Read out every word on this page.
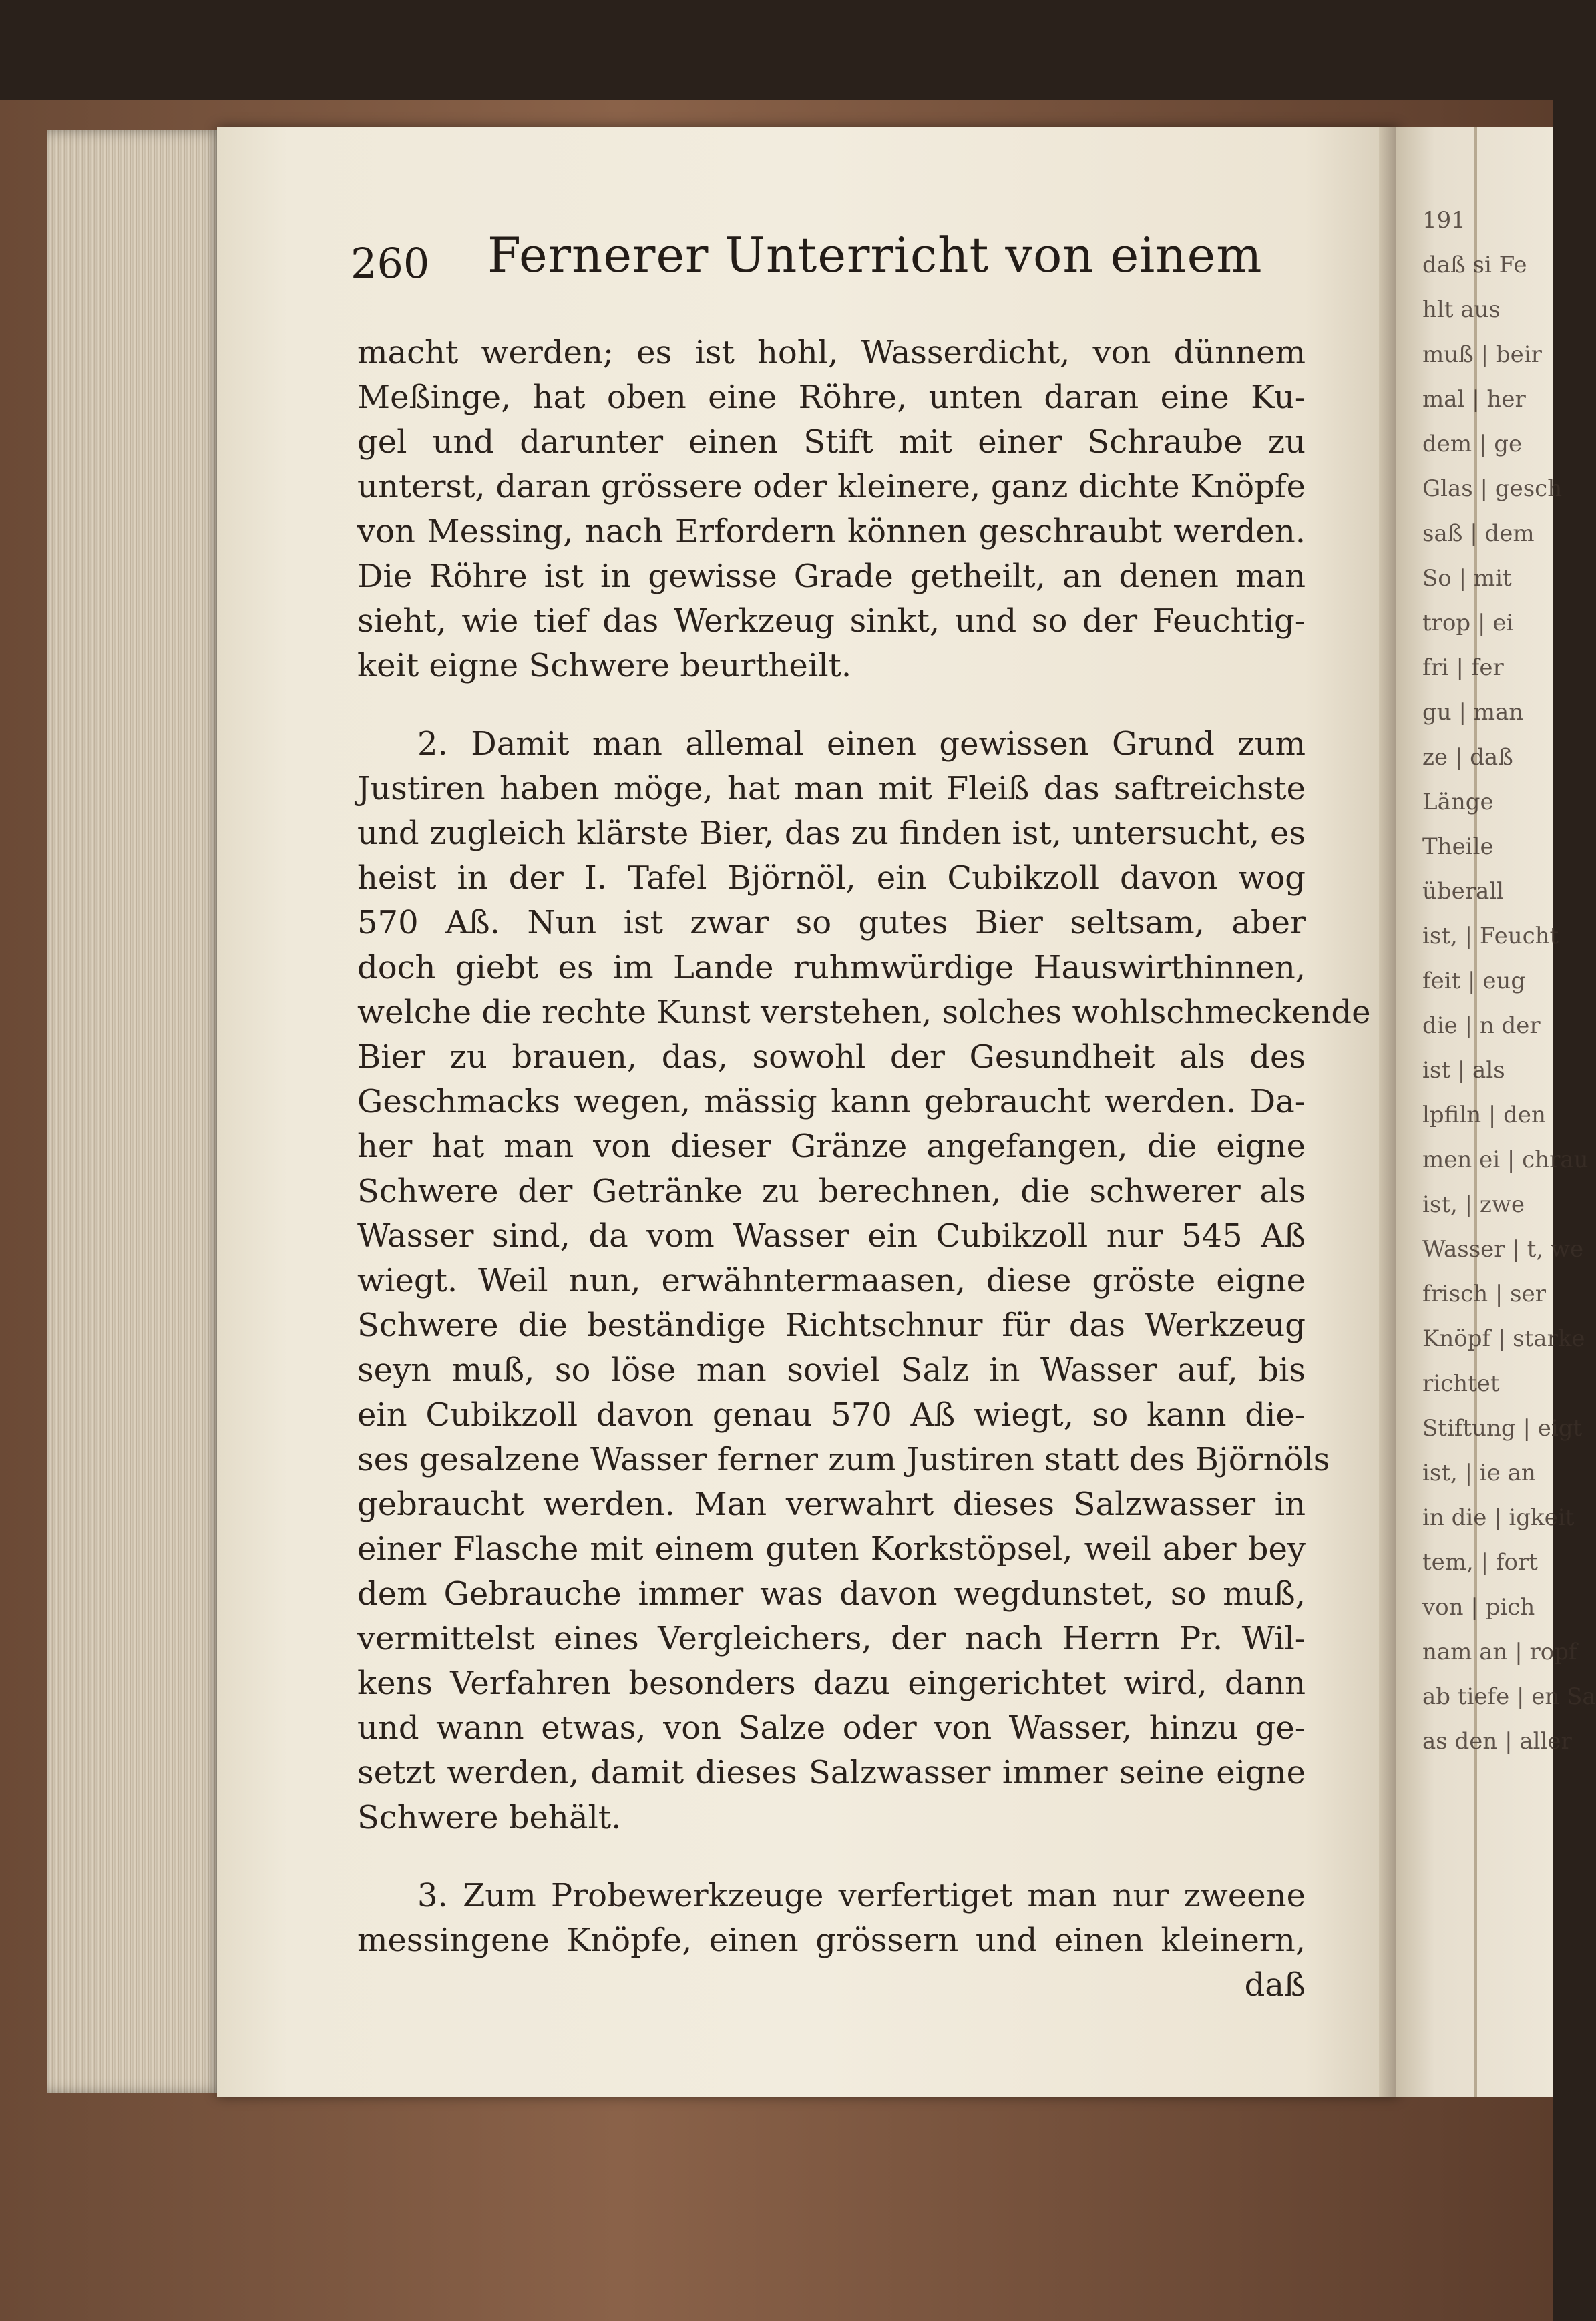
191
daß si Fe
hlt aus
muß | beir
mal | her
dem | ge
Glas | gesch
saß | dem
So | mit
trop | ei
fri | fer
gu | man
ze | daß
Länge
Theile
überall
ist, | Feucht
feit | eug
die | n der
ist | als
lpfiln | den
men ei | chrau
ist, | zwe
Wasser | t, we
frisch | ser
Knöpf | starke
richtet
Stiftung | eigt
ist, | ie an
in die | igkeit
tem, | fort
von | pich
nam an | ropf
ab tiefe | en Sa
as den | aller
260 Fernerer Unterricht von einem
macht werden; es ist hohl, Wasserdicht, von dünnem
Meßinge, hat oben eine Röhre, unten daran eine Ku-
gel und darunter einen Stift mit einer Schraube zu
unterst, daran grössere oder kleinere, ganz dichte Knöpfe
von Messing, nach Erfordern können geschraubt werden.
Die Röhre ist in gewisse Grade getheilt, an denen man
sieht, wie tief das Werkzeug sinkt, und so der Feuchtig-
keit eigne Schwere beurtheilt.
2. Damit man allemal einen gewissen Grund zum
Justiren haben möge, hat man mit Fleiß das saftreichste
und zugleich klärste Bier, das zu finden ist, untersucht, es
heist in der I. Tafel Björnöl, ein Cubikzoll davon wog
570 Aß. Nun ist zwar so gutes Bier seltsam, aber
doch giebt es im Lande ruhmwürdige Hauswirthinnen,
welche die rechte Kunst verstehen, solches wohlschmeckende
Bier zu brauen, das, sowohl der Gesundheit als des
Geschmacks wegen, mässig kann gebraucht werden. Da-
her hat man von dieser Gränze angefangen, die eigne
Schwere der Getränke zu berechnen, die schwerer als
Wasser sind, da vom Wasser ein Cubikzoll nur 545 Aß
wiegt. Weil nun, erwähntermaasen, diese gröste eigne
Schwere die beständige Richtschnur für das Werkzeug
seyn muß, so löse man soviel Salz in Wasser auf, bis
ein Cubikzoll davon genau 570 Aß wiegt, so kann die-
ses gesalzene Wasser ferner zum Justiren statt des Björnöls
gebraucht werden. Man verwahrt dieses Salzwasser in
einer Flasche mit einem guten Korkstöpsel, weil aber bey
dem Gebrauche immer was davon wegdunstet, so muß,
vermittelst eines Vergleichers, der nach Herrn Pr. Wil-
kens Verfahren besonders dazu eingerichtet wird, dann
und wann etwas, von Salze oder von Wasser, hinzu ge-
setzt werden, damit dieses Salzwasser immer seine eigne
Schwere behält.
3. Zum Probewerkzeuge verfertiget man nur zweene
messingene Knöpfe, einen grössern und einen kleinern,
daß
